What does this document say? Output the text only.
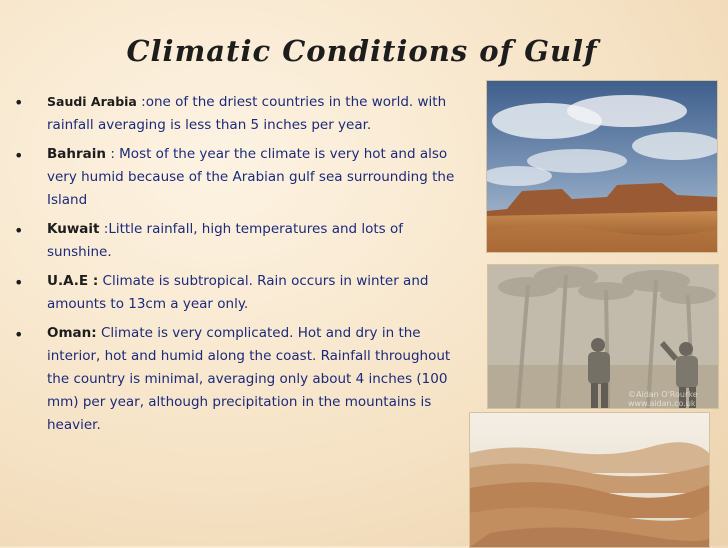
Climatic Conditions of Gulf
• Saudi Arabia :one of the driest countries in the world. with rainfall averaging is less than 5 inches per year.
• Bahrain : Most of the year the climate is very hot and also very humid because of the Arabian gulf sea surrounding the Island
• Kuwait :Little rainfall, high temperatures and lots of sunshine.
• U.A.E : Climate is subtropical. Rain occurs in winter and amounts to 13cm a year only.
• Oman: Climate is very complicated. Hot and dry in the interior, hot and humid along the coast. Rainfall throughout the country is minimal, averaging only about 4 inches (100 mm) per year, although precipitation in the mountains is heavier.
©Aidan O'Rourke
www.aidan.co.uk
